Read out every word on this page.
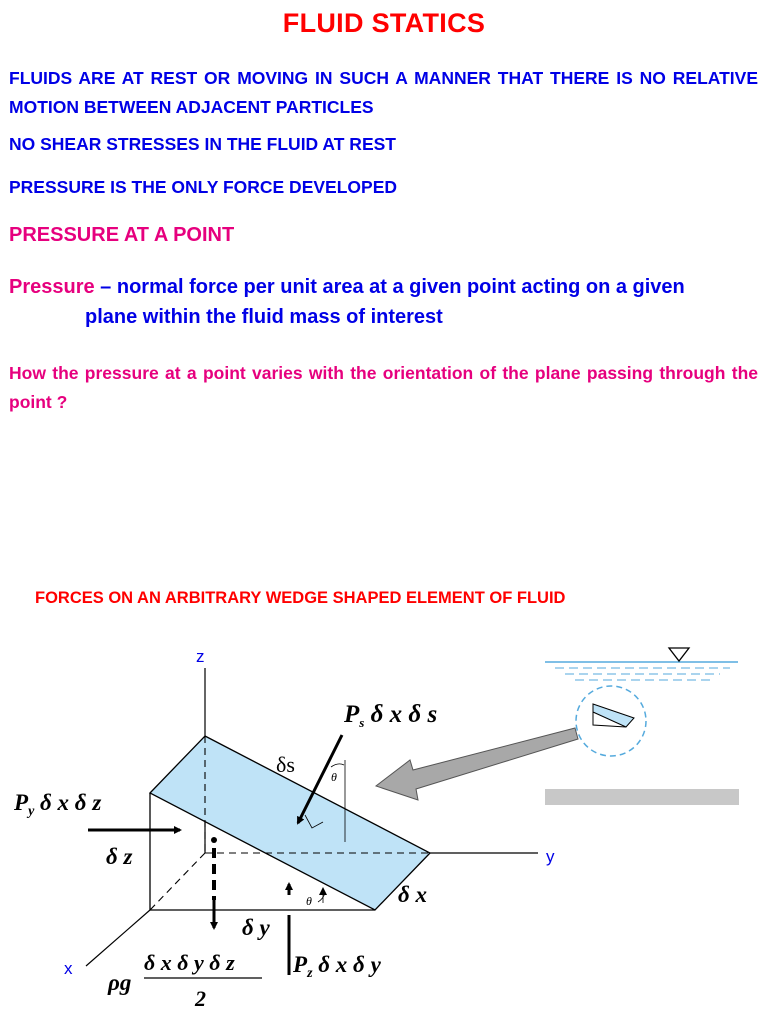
FLUID STATICS

FLUIDS ARE AT REST OR MOVING IN SUCH A MANNER THAT THERE IS NO RELATIVE MOTION BETWEEN ADJACENT PARTICLES

NO SHEAR STRESSES IN THE FLUID AT REST

PRESSURE IS THE ONLY FORCE DEVELOPED

PRESSURE AT A POINT

Pressure – normal force per unit area at a given point acting on a given
plane within the fluid mass of interest

How the pressure at a point varies with the orientation of the plane passing through the point ?

FORCES ON AN ARBITRARY WEDGE SHAPED ELEMENT OF FLUID
z
y
x
$P_s$ δ x δ s
$P_y$ δ x δ z
δ z
δ y
δ x
$P_z$ δ x δ y
ρg
δ x δ y δ z
2
δs	θ
θ
